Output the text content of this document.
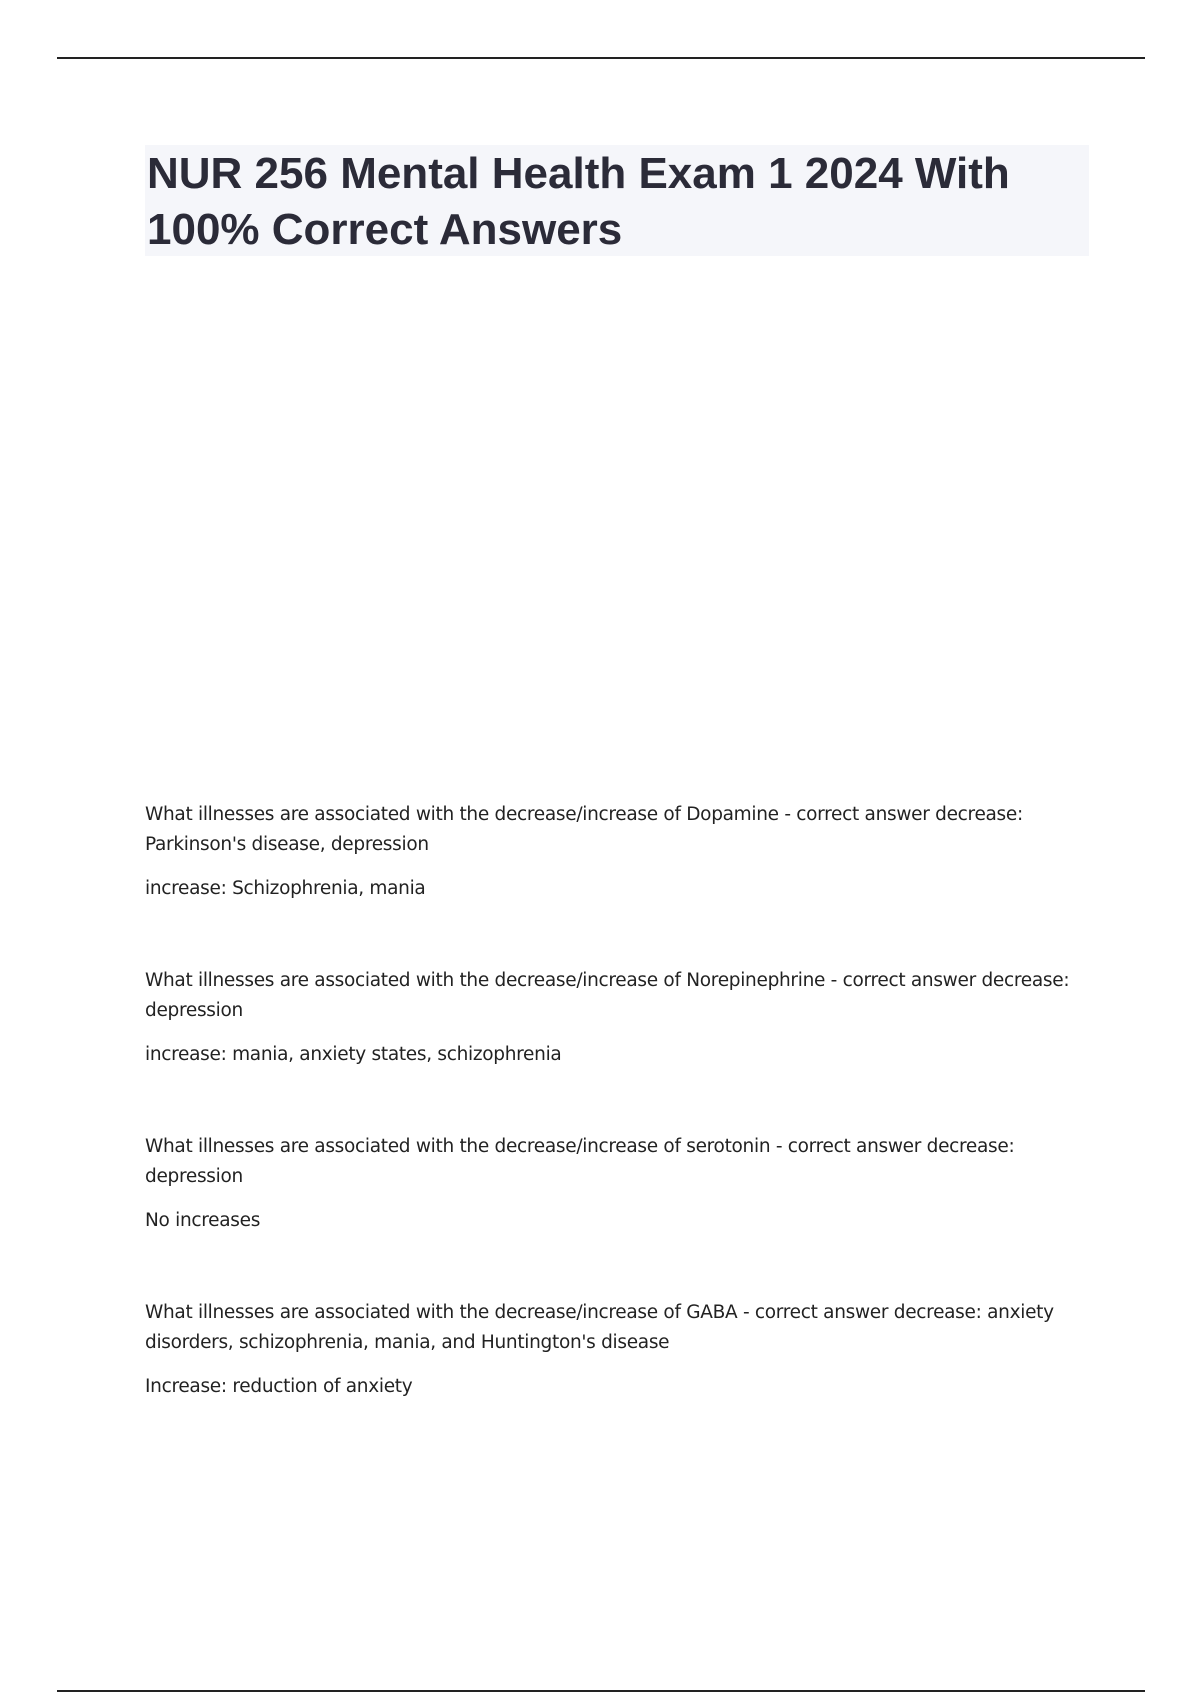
NUR 256 Mental Health Exam 1 2024 With 100% Correct Answers

What illnesses are associated with the decrease/increase of Dopamine - correct answer decrease: Parkinson's disease, depression

increase: Schizophrenia, mania

What illnesses are associated with the decrease/increase of Norepinephrine - correct answer decrease: depression

increase: mania, anxiety states, schizophrenia

What illnesses are associated with the decrease/increase of serotonin - correct answer decrease: depression

No increases

What illnesses are associated with the decrease/increase of GABA - correct answer decrease: anxiety disorders, schizophrenia, mania, and Huntington's disease

Increase: reduction of anxiety
